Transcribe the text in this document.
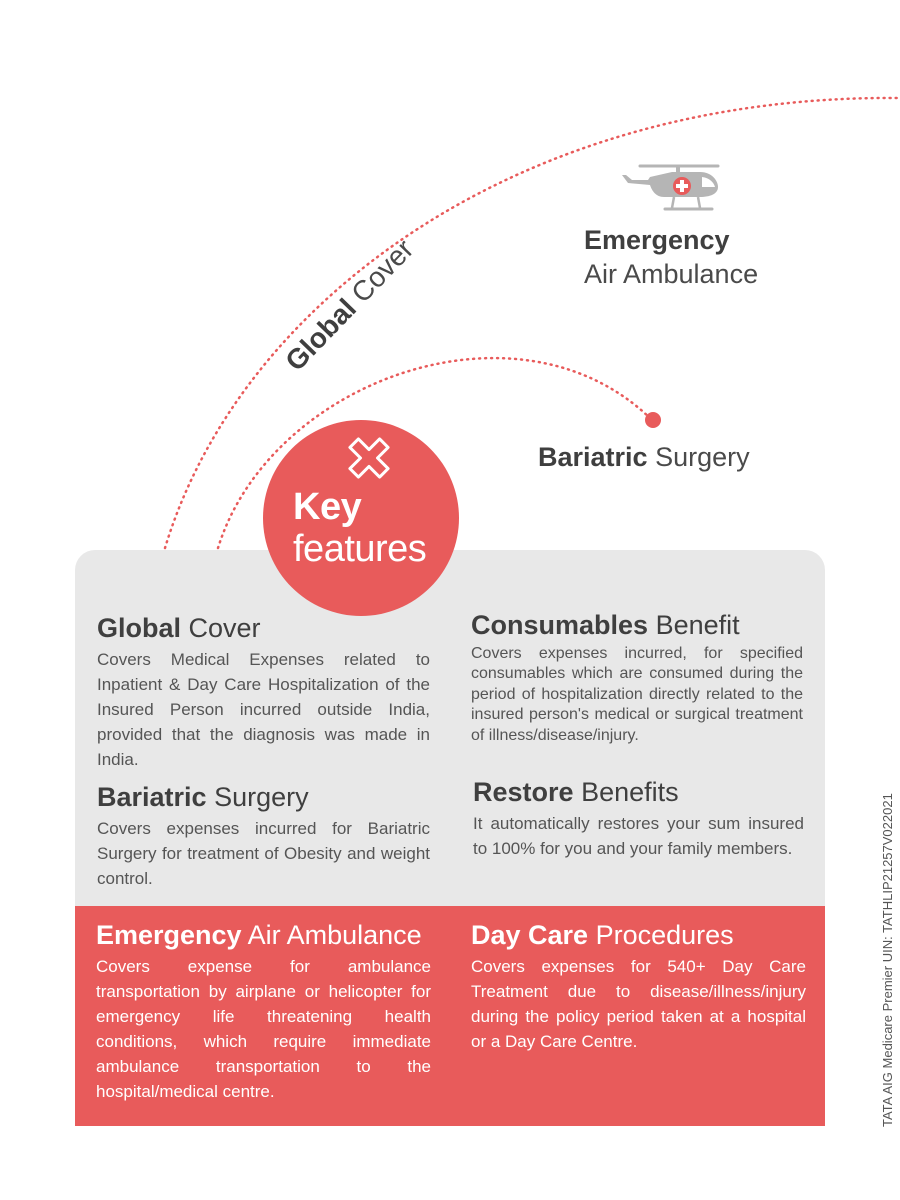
Emergency
Air Ambulance
Bariatric Surgery
Global Cover
Key
features
Global Cover

Covers Medical Expenses related to Inpatient & Day Care Hospitalization of the Insured Person incurred outside India, provided that the diagnosis was made in India.

Consumables Benefit

Covers expenses incurred, for specified consumables which are consumed during the period of hospitalization directly related to the insured person's medical or surgical treatment of illness/disease/injury.

Bariatric Surgery

Covers expenses incurred for Bariatric Surgery for treatment of Obesity and weight control.

Restore Benefits

It automatically restores your sum insured to 100% for you and your family members.

Emergency Air Ambulance

Covers expense for ambulance transportation by airplane or helicopter for emergency life threatening health conditions, which require immediate ambulance transportation to the hospital/medical centre.

Day Care Procedures

Covers expenses for 540+ Day Care Treatment due to disease/illness/injury during the policy period taken at a hospital or a Day Care Centre.	TATA AIG Medicare Premier UIN: TATHLIP21257V022021
